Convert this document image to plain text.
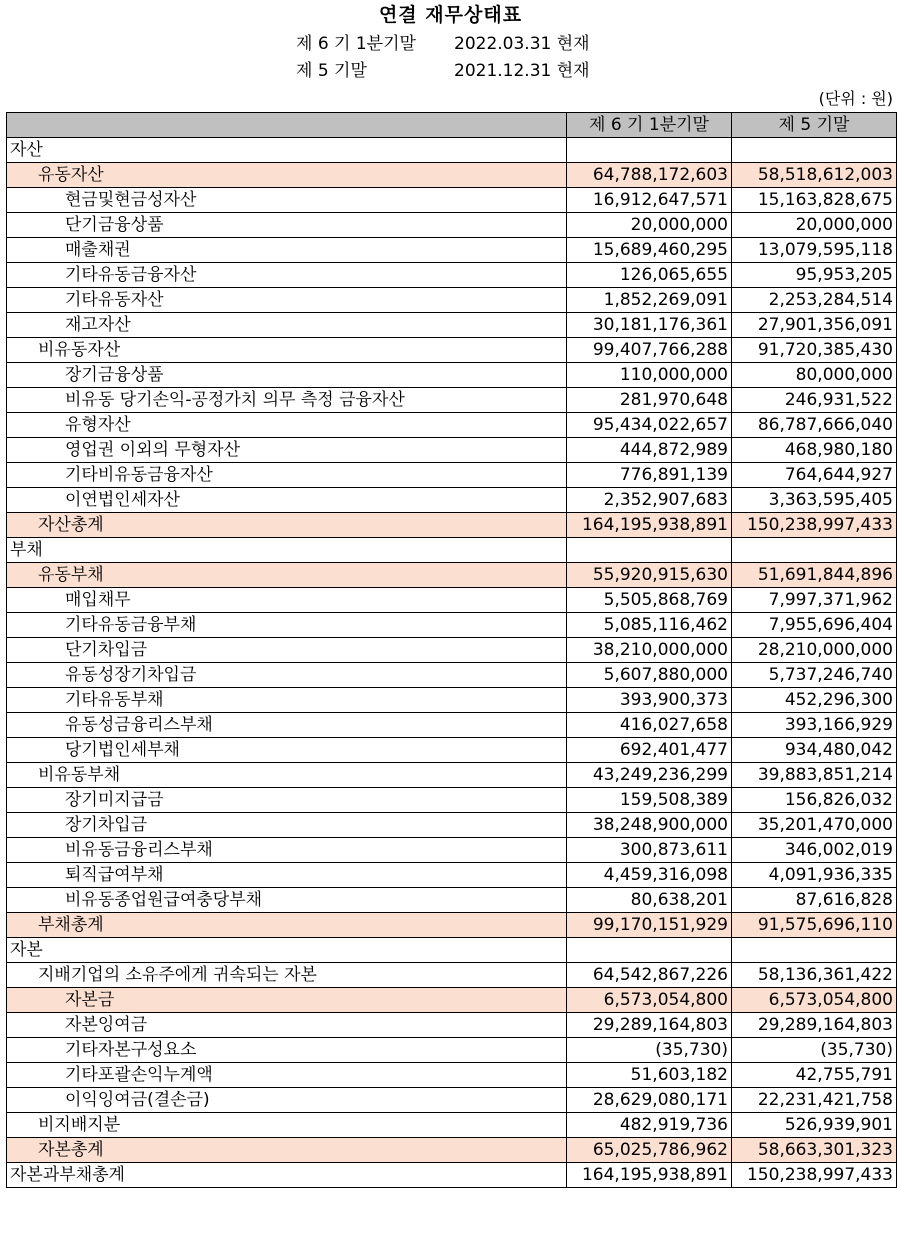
연결 재무상태표
제 6 기 1분기말 2022.03.31 현재
제 5 기말	2021.12.31 현재
(단위 : 원)
	제 6 기 1분기말	제 5 기말
자산		
유동자산	64,788,172,603	58,518,612,003
현금및현금성자산	16,912,647,571	15,163,828,675
단기금융상품	20,000,000	20,000,000
매출채권	15,689,460,295	13,079,595,118
기타유동금융자산	126,065,655	95,953,205
기타유동자산	1,852,269,091	2,253,284,514
재고자산	30,181,176,361	27,901,356,091
비유동자산	99,407,766,288	91,720,385,430
장기금융상품	110,000,000	80,000,000
비유동 당기손익-공정가치 의무 측정 금융자산	281,970,648	246,931,522
유형자산	95,434,022,657	86,787,666,040
영업권 이외의 무형자산	444,872,989	468,980,180
기타비유동금융자산	776,891,139	764,644,927
이연법인세자산	2,352,907,683	3,363,595,405
자산총계	164,195,938,891	150,238,997,433
부채		
유동부채	55,920,915,630	51,691,844,896
매입채무	5,505,868,769	7,997,371,962
기타유동금융부채	5,085,116,462	7,955,696,404
단기차입금	38,210,000,000	28,210,000,000
유동성장기차입금	5,607,880,000	5,737,246,740
기타유동부채	393,900,373	452,296,300
유동성금융리스부채	416,027,658	393,166,929
당기법인세부채	692,401,477	934,480,042
비유동부채	43,249,236,299	39,883,851,214
장기미지급금	159,508,389	156,826,032
장기차입금	38,248,900,000	35,201,470,000
비유동금융리스부채	300,873,611	346,002,019
퇴직급여부채	4,459,316,098	4,091,936,335
비유동종업원급여충당부채	80,638,201	87,616,828
부채총계	99,170,151,929	91,575,696,110
자본		
지배기업의 소유주에게 귀속되는 자본	64,542,867,226	58,136,361,422
자본금	6,573,054,800	6,573,054,800
자본잉여금	29,289,164,803	29,289,164,803
기타자본구성요소	(35,730)	(35,730)
기타포괄손익누계액	51,603,182	42,755,791
이익잉여금(결손금)	28,629,080,171	22,231,421,758
비지배지분	482,919,736	526,939,901
자본총계	65,025,786,962	58,663,301,323
자본과부채총계	164,195,938,891	150,238,997,433
